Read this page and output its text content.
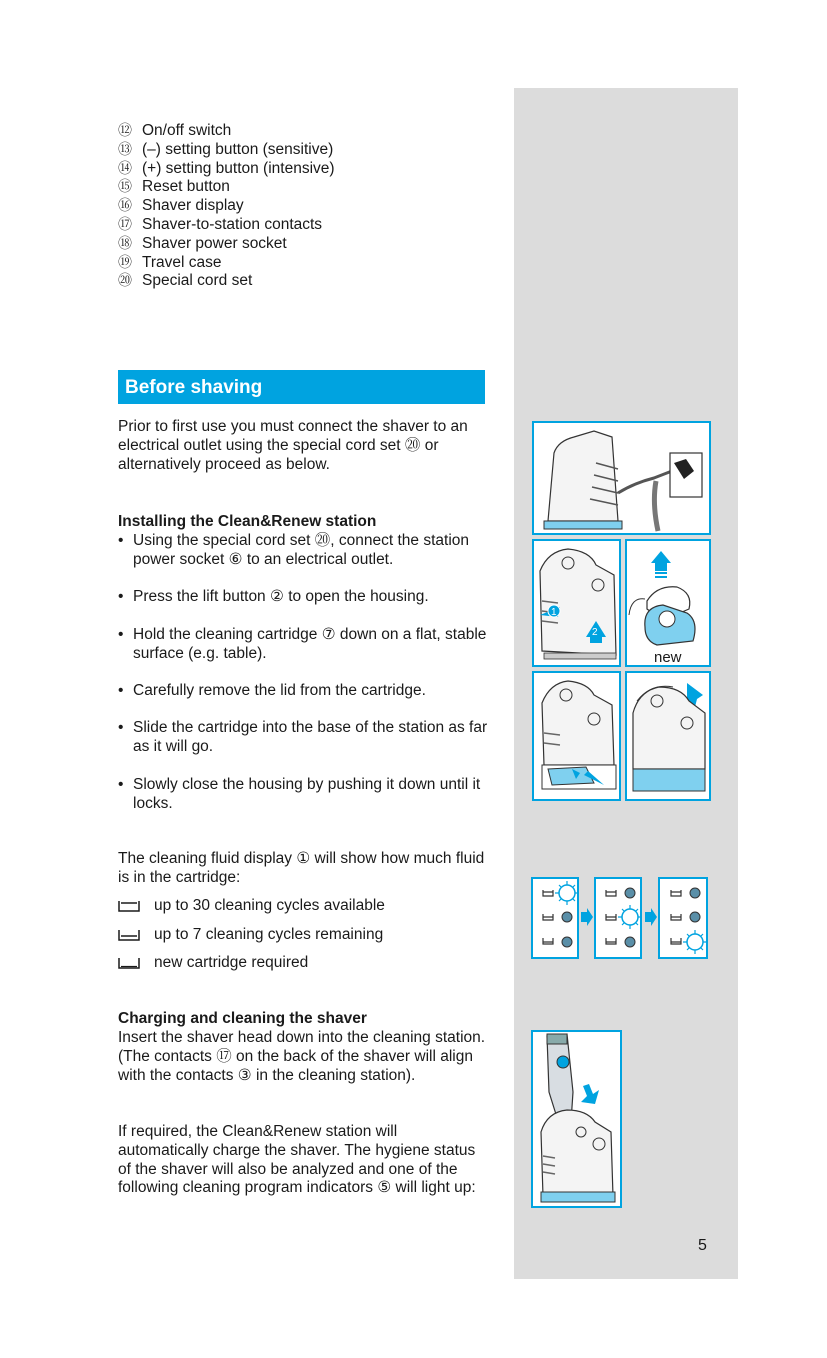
⑫ On/off switch
⑬ (–) setting button (sensitive)
⑭ (+) setting button (intensive)
⑮ Reset button
⑯ Shaver display
⑰ Shaver-to-station contacts
⑱ Shaver power socket
⑲ Travel case
⑳ Special cord set
Before shaving
Prior to first use you must connect the shaver to an electrical outlet using the special cord set ⑳ or alternatively proceed as below.
Installing the Clean&Renew station
• Using the special cord set ⑳, connect the station power socket ⑥ to an electrical outlet.
• Press the lift button ② to open the housing.
• Hold the cleaning cartridge ⑦ down on a flat, stable surface (e.g. table).
• Carefully remove the lid from the cartridge.
• Slide the cartridge into the base of the station as far as it will go.
• Slowly close the housing by pushing it down until it locks.
The cleaning fluid display ① will show how much fluid is in the cartridge:
up to 30 cleaning cycles available
up to 7 cleaning cycles remaining
new cartridge required
Charging and cleaning the shaver
Insert the shaver head down into the cleaning station. (The contacts ⑰ on the back of the shaver will align with the contacts ③ in the cleaning station).
If required, the Clean&Renew station will automatically charge the shaver. The hygiene status of the shaver will also be analyzed and one of the following cleaning program indicators ⑤ will light up:
5
1
2
new
